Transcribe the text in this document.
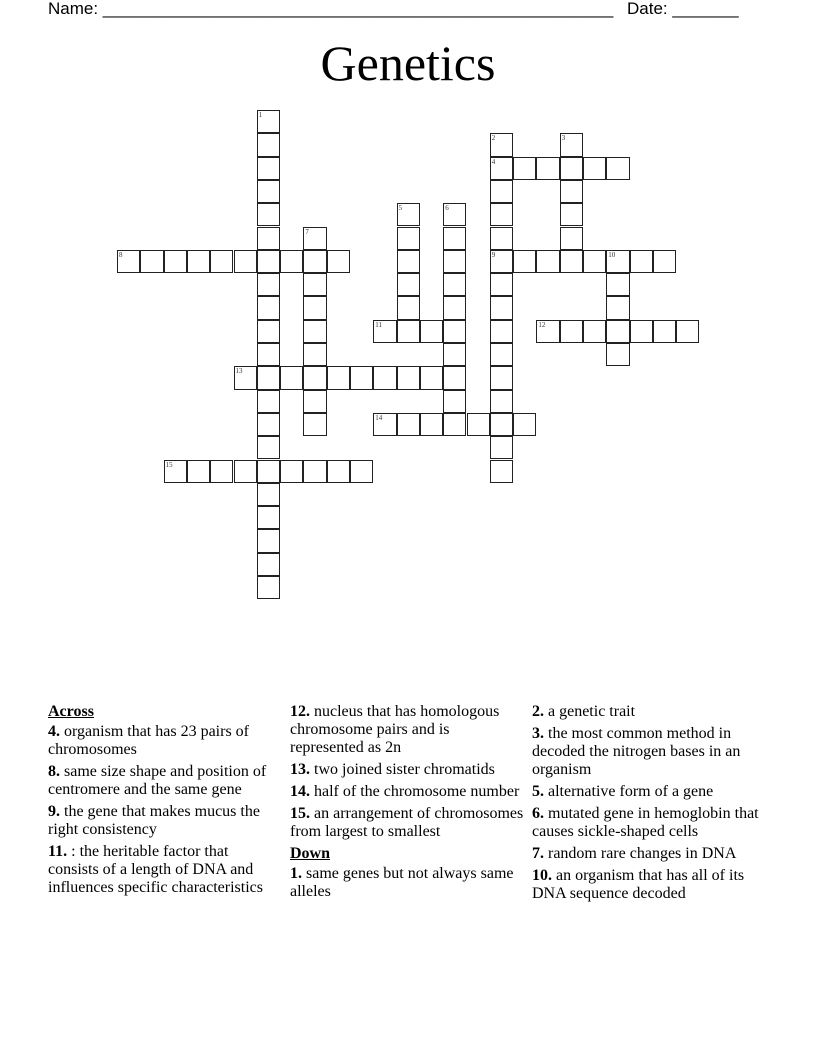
Name: ______________________________________________________ Date: _______
Genetics
1
2
4
9
3
5	6
7
8	10
11	12
13
14
15
Across
4. organism that has 23 pairs of chromosomes
8. same size shape and position of centromere and the same gene
9. the gene that makes mucus the right consistency
11. : the heritable factor that consists of a length of DNA and influences specific characteristics
12. nucleus that has homologous chromosome pairs and is represented as 2n
13. two joined sister chromatids
14. half of the chromosome number
15. an arrangement of chromosomes from largest to smallest
Down
1. same genes but not always same alleles
2. a genetic trait
3. the most common method in decoded the nitrogen bases in an organism
5. alternative form of a gene
6. mutated gene in hemoglobin that causes sickle-shaped cells
7. random rare changes in DNA
10. an organism that has all of its DNA sequence decoded
